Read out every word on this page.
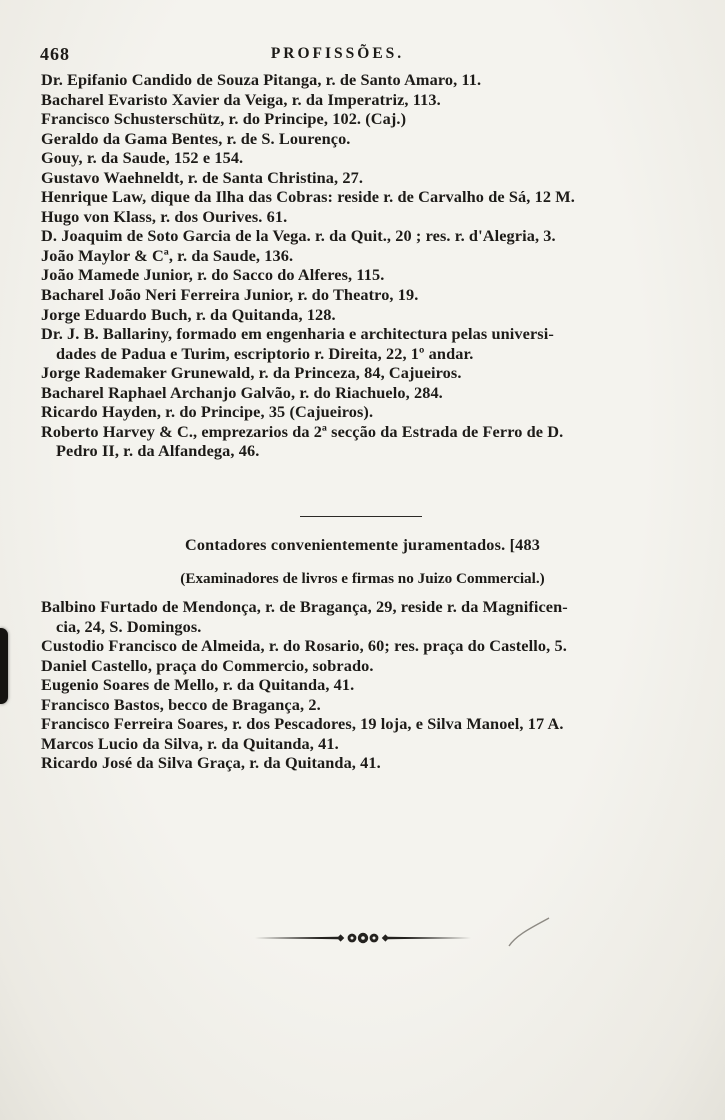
468	PROFISSÕES.
Dr. Epifanio Candido de Souza Pitanga, r. de Santo Amaro, 11.
Bacharel Evaristo Xavier da Veiga, r. da Imperatriz, 113.
Francisco Schusterschütz, r. do Principe, 102. (Caj.)
Geraldo da Gama Bentes, r. de S. Lourenço.
Gouy, r. da Saude, 152 e 154.
Gustavo Waehneldt, r. de Santa Christina, 27.
Henrique Law, dique da Ilha das Cobras: reside r. de Carvalho de Sá, 12 M.
Hugo von Klass, r. dos Ourives. 61.
D. Joaquim de Soto Garcia de la Vega. r. da Quit., 20 ; res. r. d'Alegria, 3.
João Maylor & Cª, r. da Saude, 136.
João Mamede Junior, r. do Sacco do Alferes, 115.
Bacharel João Neri Ferreira Junior, r. do Theatro, 19.
Jorge Eduardo Buch, r. da Quitanda, 128.
Dr. J. B. Ballariny, formado em engenharia e architectura pelas universi-
dades de Padua e Turim, escriptorio r. Direita, 22, 1º andar.
Jorge Rademaker Grunewald, r. da Princeza, 84, Cajueiros.
Bacharel Raphael Archanjo Galvão, r. do Riachuelo, 284.
Ricardo Hayden, r. do Principe, 35 (Cajueiros).
Roberto Harvey & C., emprezarios da 2ª secção da Estrada de Ferro de D.
Pedro II, r. da Alfandega, 46.
Contadores convenientemente juramentados. [483
(Examinadores de livros e firmas no Juizo Commercial.)
Balbino Furtado de Mendonça, r. de Bragança, 29, reside r. da Magnificen-
cia, 24, S. Domingos.
Custodio Francisco de Almeida, r. do Rosario, 60; res. praça do Castello, 5.
Daniel Castello, praça do Commercio, sobrado.
Eugenio Soares de Mello, r. da Quitanda, 41.
Francisco Bastos, becco de Bragança, 2.
Francisco Ferreira Soares, r. dos Pescadores, 19 loja, e Silva Manoel, 17 A.
Marcos Lucio da Silva, r. da Quitanda, 41.
Ricardo José da Silva Graça, r. da Quitanda, 41.
